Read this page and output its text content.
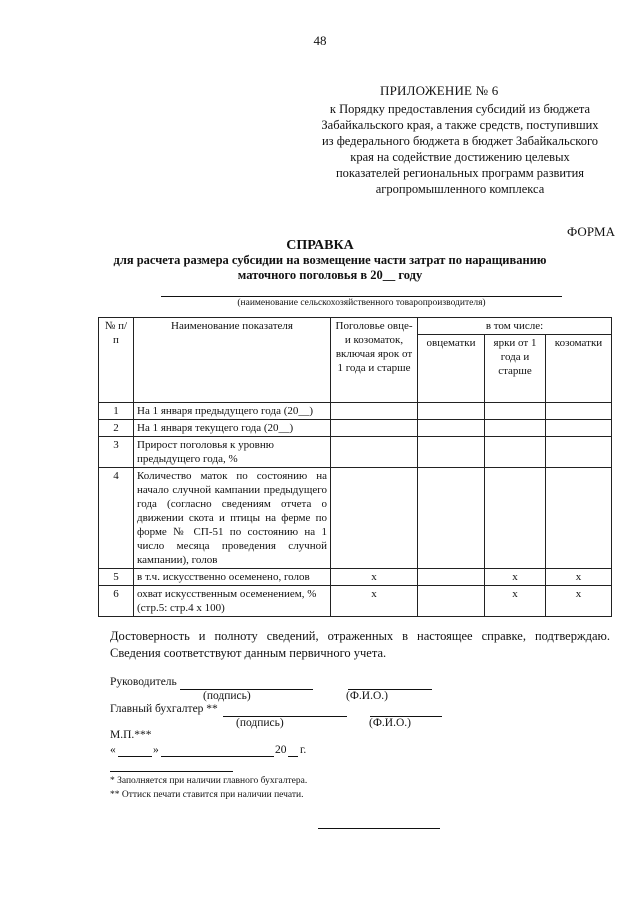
48
ПРИЛОЖЕНИЕ № 6
к Порядку предоставления субсидий из бюджета
Забайкальского края, а также средств, поступивших
из федерального бюджета в бюджет Забайкальского
края на содействие достижению целевых
показателей региональных программ развития
агропромышленного комплекса
ФОРМА
СПРАВКА
для расчета размера субсидии на возмещение части затрат по наращиванию
маточного поголовья в 20__ году
(наименование сельскохозяйственного товаропроизводителя)
№ п/п	Наименование показателя	Поголовье овце- и козоматок, включая ярок от 1 года и старше	в том числе:		
			овцематки	ярки от 1 года и старше	козоматки
1	На 1 января предыдущего года (20__)				
2	На 1 января текущего года (20__)				
3	Прирост поголовья к уровню предыдущего года, %				
4	Количество маток по состоянию на начало случной кампании предыдущего года (согласно сведениям отчета о движении скота и птицы на ферме по форме № СП-51 по состоянию на 1 число месяца проведения случной кампании), голов				
5	в т.ч. искусственно осеменено, голов	х		х	х
6	охват искусственным осеменением, % (стр.5: стр.4 х 100)	х		х	х
Достоверность и полноту сведений, отраженных в настоящее справке, подтверждаю. Сведения соответствуют данным первичного учета.
Руководитель
(подпись)	(Ф.И.О.)
Главный бухгалтер **
(подпись)	(Ф.И.О.)
М.П.***
«	»	20 г.
* Заполняется при наличии главного бухгалтера.
** Оттиск печати ставится при наличии печати.
